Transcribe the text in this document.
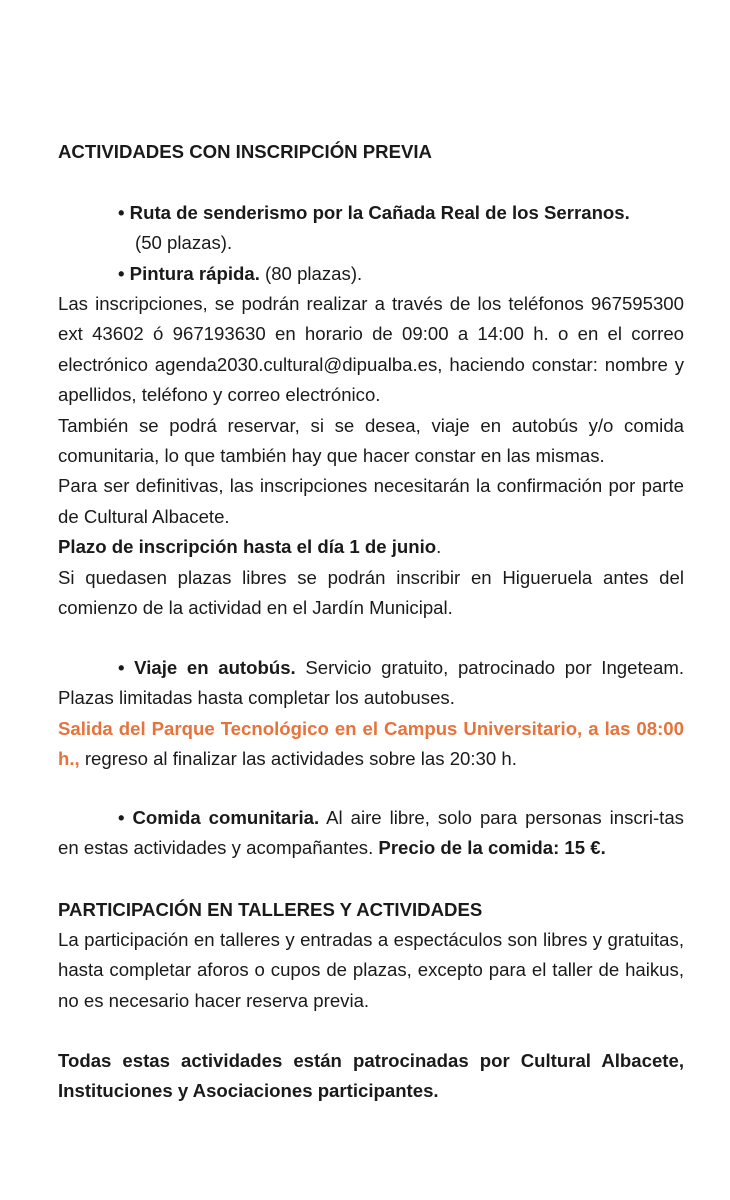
ACTIVIDADES CON INSCRIPCIÓN PREVIA
• Ruta de senderismo por la Cañada Real de los Serranos.
(50 plazas).
• Pintura rápida. (80 plazas).
Las inscripciones, se podrán realizar a través de los teléfonos 967595300 ext 43602 ó 967193630 en horario de 09:00 a 14:00 h. o en el correo electrónico agenda2030.cultural@dipualba.es, haciendo constar: nombre y apellidos, teléfono y correo electrónico.
También se podrá reservar, si se desea, viaje en autobús y/o comida comunitaria, lo que también hay que hacer constar en las mismas.
Para ser definitivas, las inscripciones necesitarán la confirmación por parte de Cultural Albacete.
Plazo de inscripción hasta el día 1 de junio.
Si quedasen plazas libres se podrán inscribir en Higueruela antes del comienzo de la actividad en el Jardín Municipal.
• Viaje en autobús. Servicio gratuito, patrocinado por Ingeteam. Plazas limitadas hasta completar los autobuses.
Salida del Parque Tecnológico en el Campus Universitario, a las 08:00 h., regreso al finalizar las actividades sobre las 20:30 h.
• Comida comunitaria. Al aire libre, solo para personas inscri-tas en estas actividades y acompañantes. Precio de la comida: 15 €.
PARTICIPACIÓN EN TALLERES Y ACTIVIDADES
La participación en talleres y entradas a espectáculos son libres y gratuitas, hasta completar aforos o cupos de plazas, excepto para el taller de haikus, no es necesario hacer reserva previa.
Todas estas actividades están patrocinadas por Cultural Albacete, Instituciones y Asociaciones participantes.
